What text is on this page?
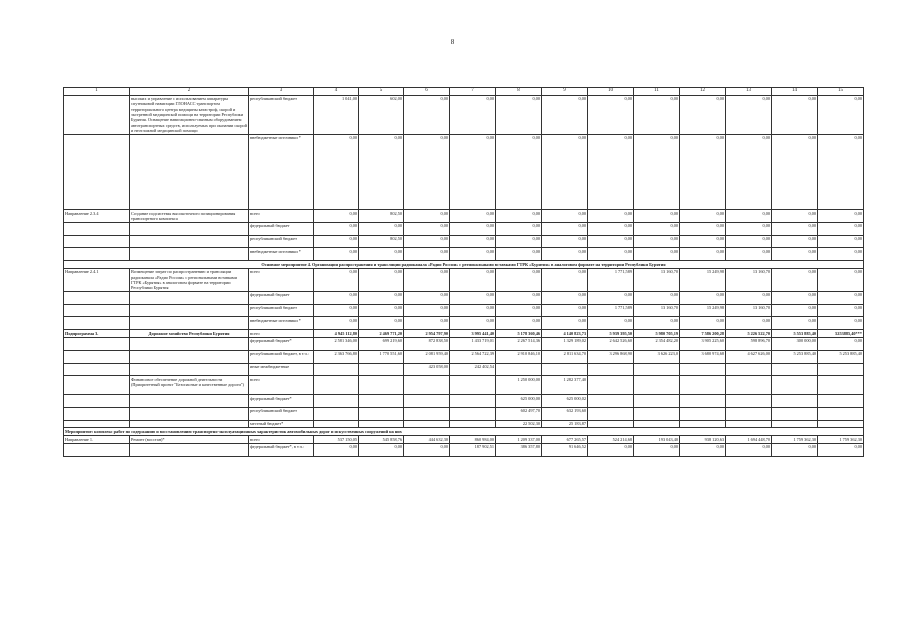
8
1	2	3	4	5	6	7	8	9	10	11	12	13	14	15
	высоких и управление с использованием аппаратуры спутниковой навигации ГЛОНАСС транспортом территориального центра медицины катастроф, скорой и экстренной медицинской помощи на территории Республики Бурятия. Оснащение навигационно-связным оборудованием автотранспортных средств, используемых при оказании скорой и неотложной медицинской помощи	республиканский бюджет	1 041,00	602,00	0,00	0,00	0,00	0,00	0,00	0,00	0,00	0,00	0,00	0,00
		внебюджетные источники *	0,00	0,00	0,00	0,00	0,00	0,00	0,00	0,00	0,00	0,00	0,00	0,00
Направление 2.3.4	Создание подсистемы высокоточного позиционирования транспортного комплекса	всего	0,00	802,50	0,00	0,00	0,00	0,00	0,00	0,00	0,00	0,00	0,00	0,00
		федеральный бюджет	0,00	0,00	0,00	0,00	0,00	0,00	0,00	0,00	0,00	0,00	0,00	0,00
		республиканский бюджет	0,00	802,50	0,00	0,00	0,00	0,00	0,00	0,00	0,00	0,00	0,00	0,00
		внебюджетные источники *	0,00	0,00	0,00	0,00	0,00	0,00	0,00	0,00	0,00	0,00	0,00	0,00
Основное мероприятие 4. Организация распространения и трансляции радиоканала «Радио России» с региональными вставками ГТРК «Бурятия» в аналоговом формате на территории Республики Бурятия														
Направление 2.4.1	Возмещение затрат по распространению и трансляции радиоканала «Радио России» с региональными вставками ГТРК «Бурятия» в аналоговом формате на территории Республики Бурятия	всего	0,00	0,00	0,00	0,00	0,00	0,00	1 771,589	13 160,70	15 249,98	13 160,70	0,00	0,00
		федеральный бюджет	0,00	0,00	0,00	0,00	0,00	0,00	0,00	0,00	0,00	0,00	0,00	0,00
		республиканский бюджет	0,00	0,00	0,00	0,00	0,00	0,00	1 771,589	13 160,70	15 249,98	13 160,70	0,00	0,00
		внебюджетные источники *	0,00	0,00	0,00	0,00	0,00	0,00	0,00	0,00	0,00	0,00	0,00	0,00
Подпрограмма 3.	Дорожное хозяйство Республики Бурятия	всего	4 945 112,80	2 469 771,20	2 954 797,90	3 995 441,40	5 178 360,46	4 140 823,73	5 939 395,50	5 980 705,19	7 586 200,28	5 226 522,70	5 553 885,40	5253885,40***
		федеральный бюджет*	2 581 346,00	699 219,60	872 838,50	1 433 719,01	2 267 514,36	1 329 189,02	2 642 526,60	2 354 482,20	3 905 225,60	598 896,70	300 000,00	0,00
		республиканский бюджет, в т.ч.:	2 363 766,80	1 770 551,60	2 081 959,40	2 564 722,39	2 910 846,10	2 811 634,70	3 296 868,90	3 626 223,0	3 680 974,68	4 627 626,00	5 253 885,40	5 253 885,40
		иные межбюджетные			423 058,00	242 402,54								
	Финансовое обеспечение дорожной деятельности (Приоритетный проект "Безопасные и качественные дороги")	всего					1 250 000,00	1 282 377,40						
		федеральный бюджет*					625 000,00	625 000,02						
		республиканский бюджет					602 497,70	632 193,60						
		местный бюджет*					22 502,30	25 183,87						
Мероприятие: комплекс работ по содержанию и восстановлению транспортно-эксплуатационных характеристик автомобильных дорог и искусственных сооружений на них														
Направление 1.	Ремонт (восстан)*	всего	537 150,05	545 858,76	444 632,30	860 984,00	1 209 337,00	677 265,57	524 214,68	193 043,40	938 120,63	1 694 448,70	1 759 362,30	1 759 362,30
		федеральный бюджет*, в т.ч.:	0,00	0,00	0,00	187 902,51	386 357,80	91 646,52	0,00	0,00	0,00	0,00	0,00	0,00
